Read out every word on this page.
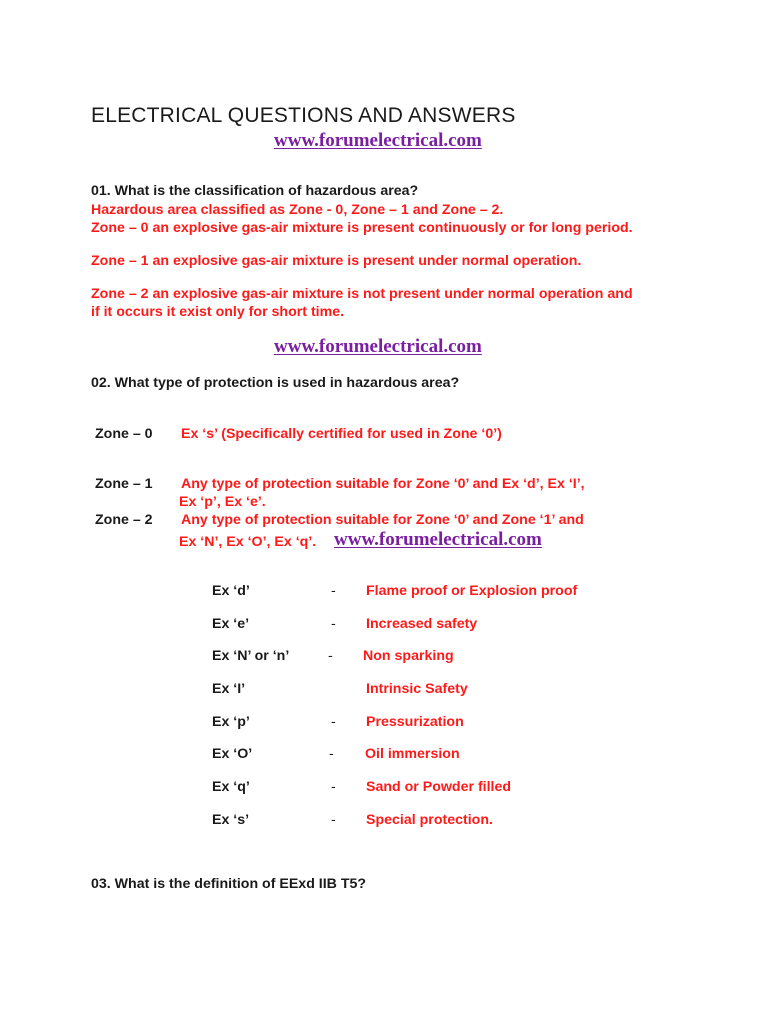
ELECTRICAL QUESTIONS AND ANSWERS
www.forumelectrical.com
01. What is the classification of hazardous area?
Hazardous area classified as Zone - 0, Zone – 1 and Zone – 2.
Zone – 0 an explosive gas-air mixture is present continuously or for long period.
Zone – 1 an explosive gas-air mixture is present under normal operation.
Zone – 2 an explosive gas-air mixture is not present under normal operation and
if it occurs it exist only for short time.
www.forumelectrical.com
02. What type of protection is used in hazardous area?
Zone – 0 Ex ‘s’ (Specifically certified for used in Zone ‘0’)
Zone – 1 Any type of protection suitable for Zone ‘0’ and Ex ‘d’, Ex ‘I’,
Ex ‘p’, Ex ‘e’.
Zone – 2 Any type of protection suitable for Zone ‘0’ and Zone ‘1’ and
Ex ‘N’, Ex ‘O’, Ex ‘q’. www.forumelectrical.com
Ex ‘d’	- Flame proof or Explosion proof
Ex ‘e’	- Increased safety
Ex ‘N’ or ‘n’	- Non sparking
Ex ‘I’	Intrinsic Safety
Ex ‘p’	- Pressurization
Ex ‘O’	- Oil immersion
Ex ‘q’	- Sand or Powder filled
Ex ‘s’	- Special protection.
03. What is the definition of EExd IIB T5?
